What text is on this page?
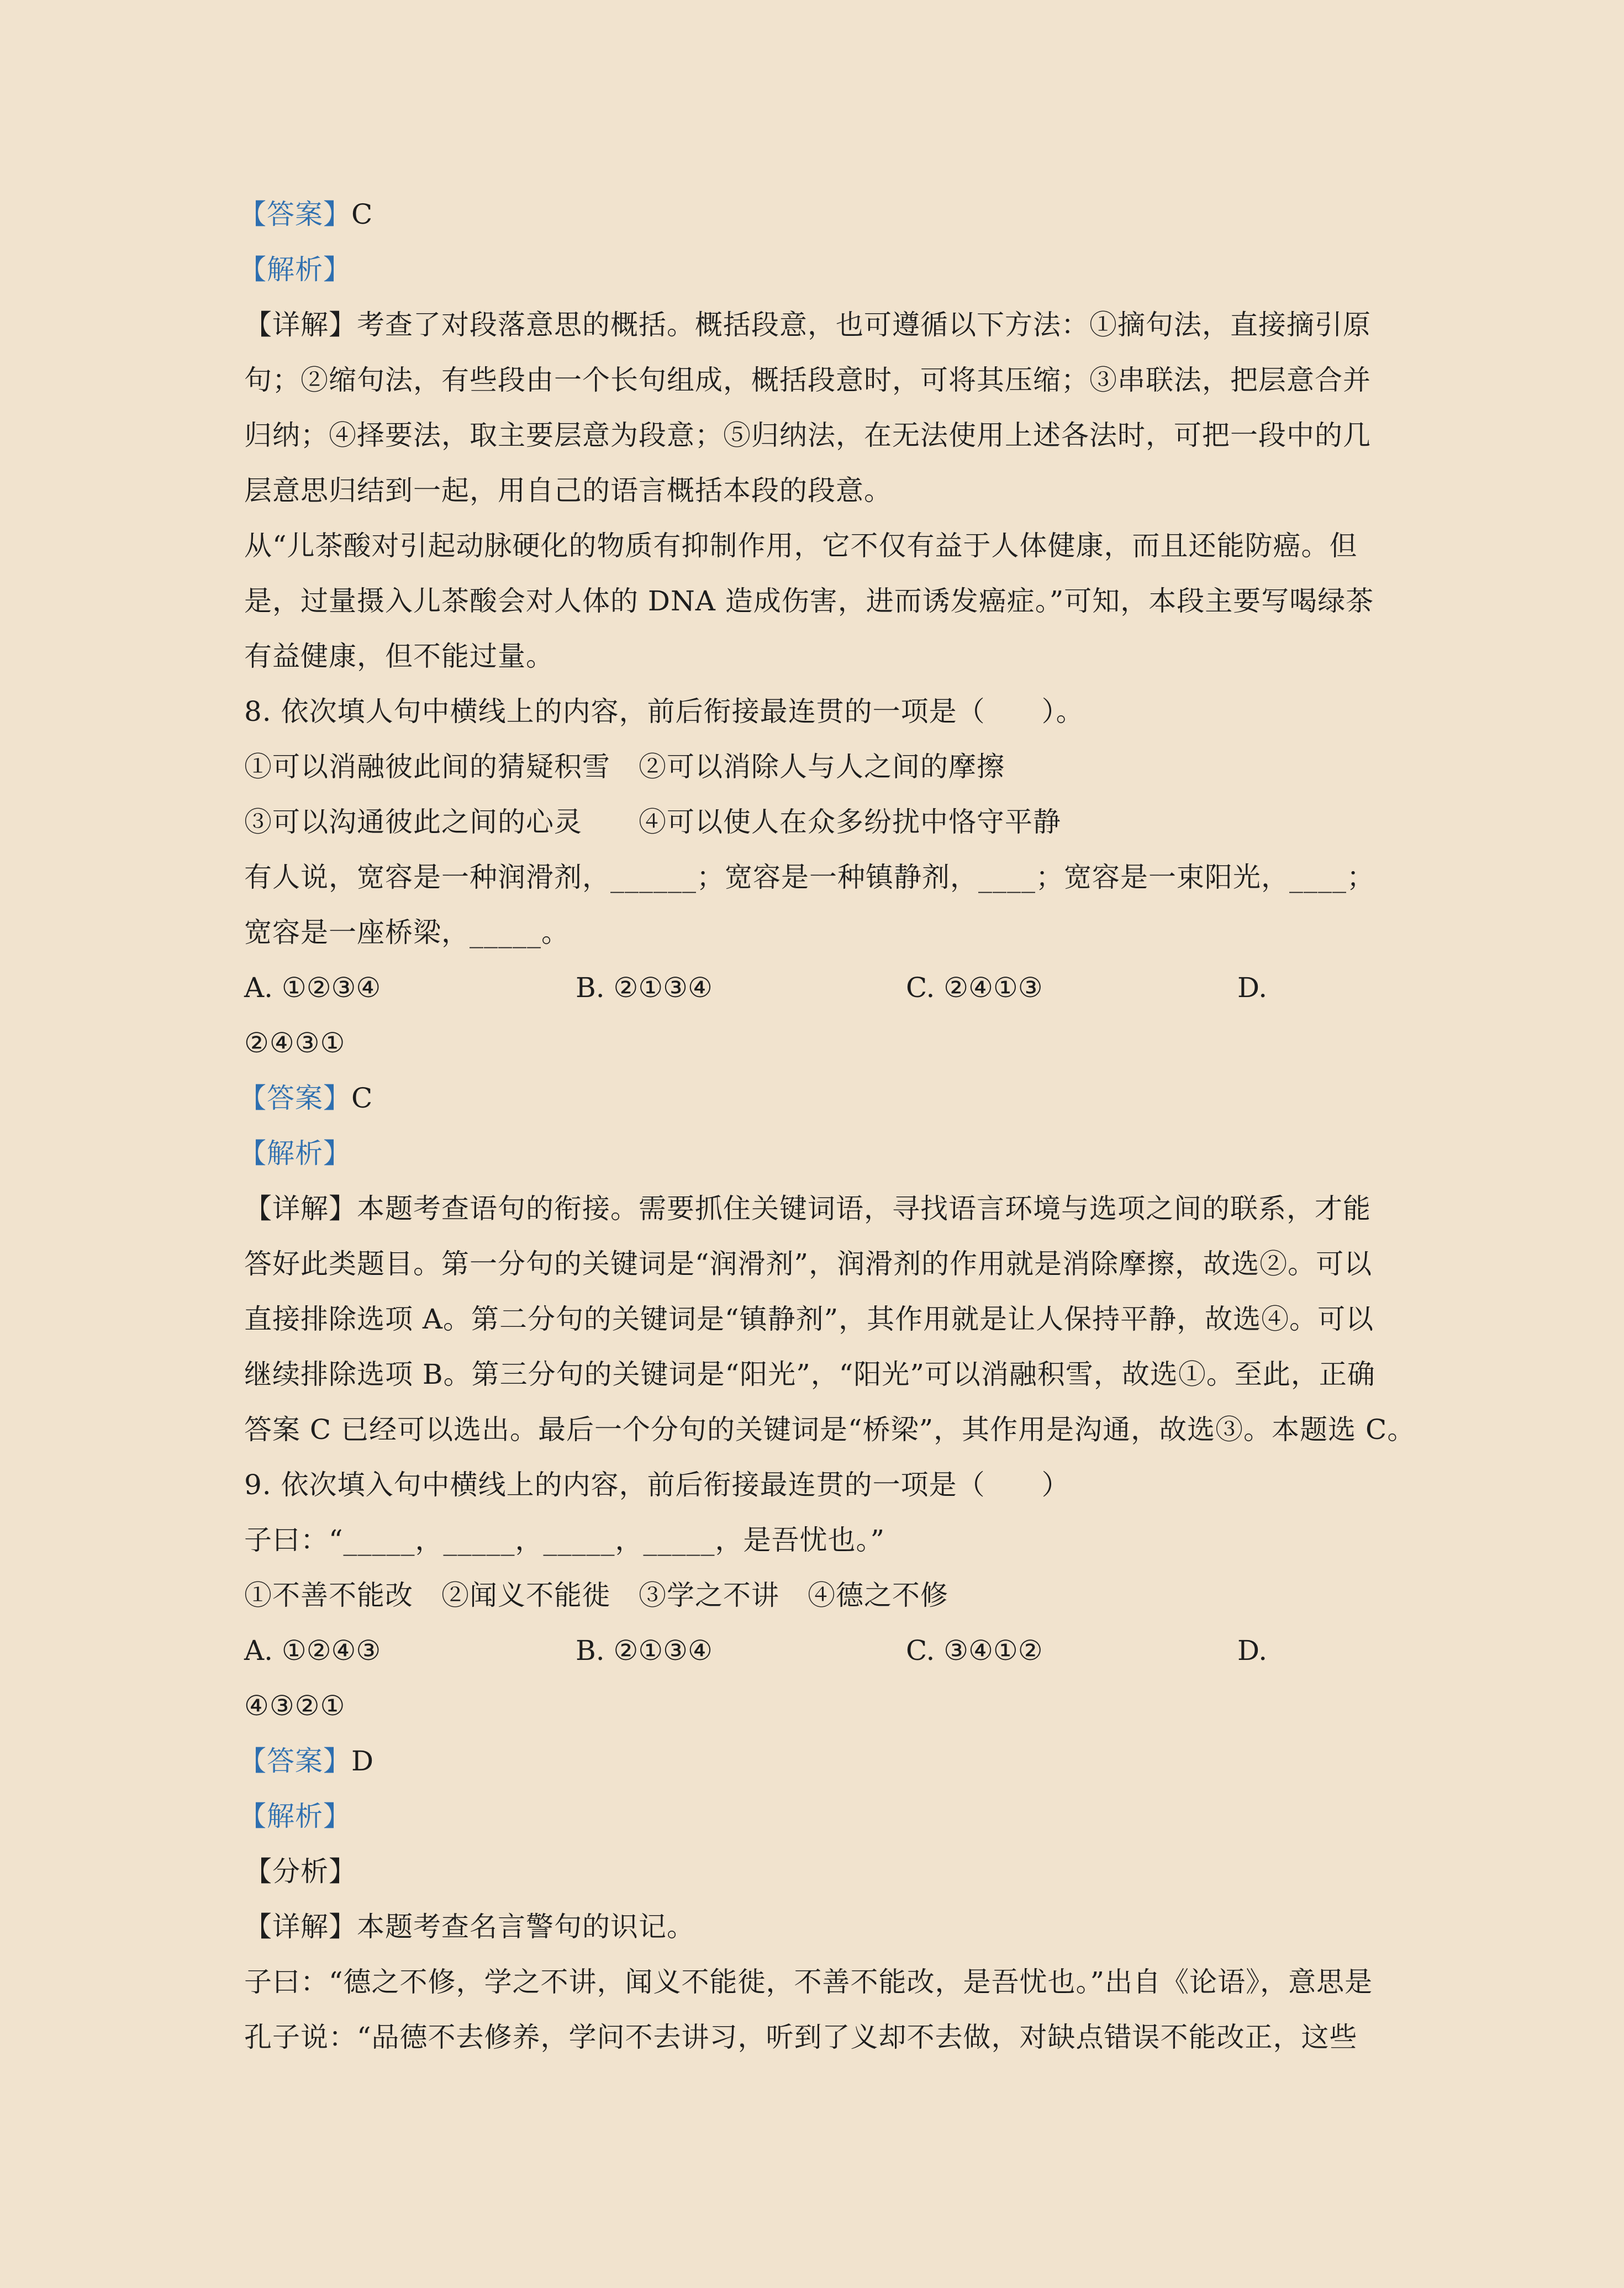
【答案】C
【解析】
【详解】考查了对段落意思的概括。概括段意，也可遵循以下方法：①摘句法，直接摘引原
句；②缩句法，有些段由一个长句组成，概括段意时，可将其压缩；③串联法，把层意合并
归纳；④择要法，取主要层意为段意；⑤归纳法，在无法使用上述各法时，可把一段中的几
层意思归结到一起，用自己的语言概括本段的段意。
从“儿茶酸对引起动脉硬化的物质有抑制作用，它不仅有益于人体健康，而且还能防癌。但
是，过量摄入儿茶酸会对人体的 DNA 造成伤害，进而诱发癌症。”可知，本段主要写喝绿茶
有益健康，但不能过量。
8. 依次填人句中横线上的内容，前后衔接最连贯的一项是（　　）。
①可以消融彼此间的猜疑积雪　②可以消除人与人之间的摩擦
③可以沟通彼此之间的心灵　　④可以使人在众多纷扰中恪守平静
有人说，宽容是一种润滑剂，______；宽容是一种镇静剂，____；宽容是一束阳光，____；
宽容是一座桥梁，_____。
A. ①②③④	B. ②①③④	C. ②④①③	D.
②④③①
【答案】C
【解析】
【详解】本题考查语句的衔接。需要抓住关键词语，寻找语言环境与选项之间的联系，才能
答好此类题目。第一分句的关键词是“润滑剂”，润滑剂的作用就是消除摩擦，故选②。可以
直接排除选项 A。第二分句的关键词是“镇静剂”，其作用就是让人保持平静，故选④。可以
继续排除选项 B。第三分句的关键词是“阳光”，“阳光”可以消融积雪，故选①。至此，正确
答案 C 已经可以选出。最后一个分句的关键词是“桥梁”，其作用是沟通，故选③。本题选 C。
9. 依次填入句中横线上的内容，前后衔接最连贯的一项是（　　）
子曰：“_____，_____，_____，_____，是吾忧也。”
①不善不能改　②闻义不能徙　③学之不讲　④德之不修
A. ①②④③	B. ②①③④	C. ③④①②	D.
④③②①
【答案】D
【解析】
【分析】
【详解】本题考查名言警句的识记。
子曰：“德之不修，学之不讲，闻义不能徙，不善不能改，是吾忧也。”出自《论语》，意思是
孔子说：“品德不去修养，学问不去讲习，听到了义却不去做，对缺点错误不能改正，这些
